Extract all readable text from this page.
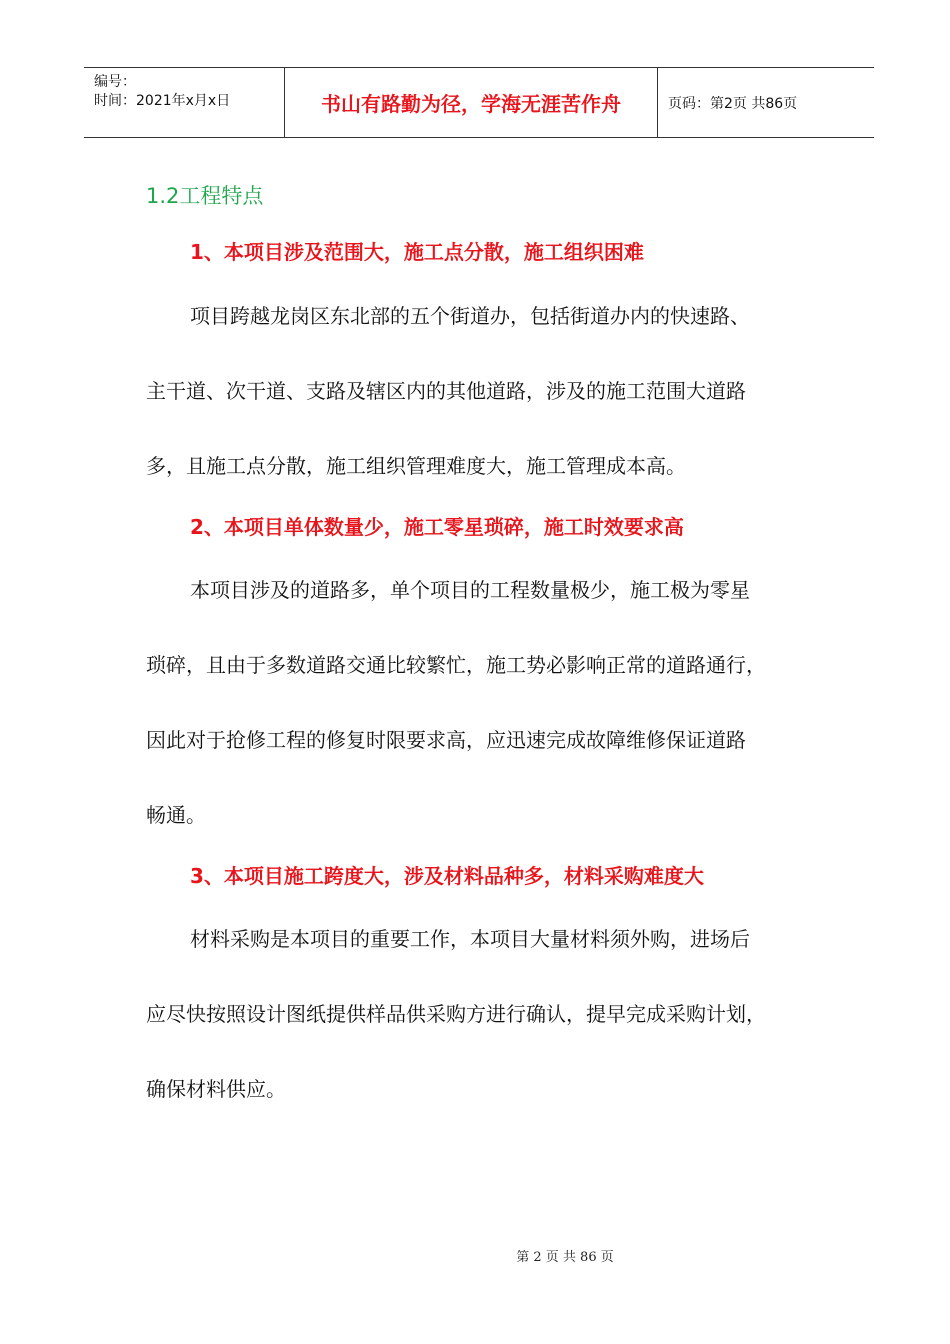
编号：
时间：2021年x月x日	书山有路勤为径，学海无涯苦作舟	页码：第2页 共86页
1.2工程特点
1、本项目涉及范围大，施工点分散，施工组织困难
项目跨越龙岗区东北部的五个街道办，包括街道办内的快速路、
主干道、次干道、支路及辖区内的其他道路，涉及的施工范围大道路
多，且施工点分散，施工组织管理难度大，施工管理成本高。
2、本项目单体数量少，施工零星琐碎，施工时效要求高
本项目涉及的道路多，单个项目的工程数量极少，施工极为零星
琐碎，且由于多数道路交通比较繁忙，施工势必影响正常的道路通行，
因此对于抢修工程的修复时限要求高，应迅速完成故障维修保证道路
畅通。
3、本项目施工跨度大，涉及材料品种多，材料采购难度大
材料采购是本项目的重要工作，本项目大量材料须外购，进场后
应尽快按照设计图纸提供样品供采购方进行确认，提早完成采购计划，
确保材料供应。
第 2 页 共 86 页
